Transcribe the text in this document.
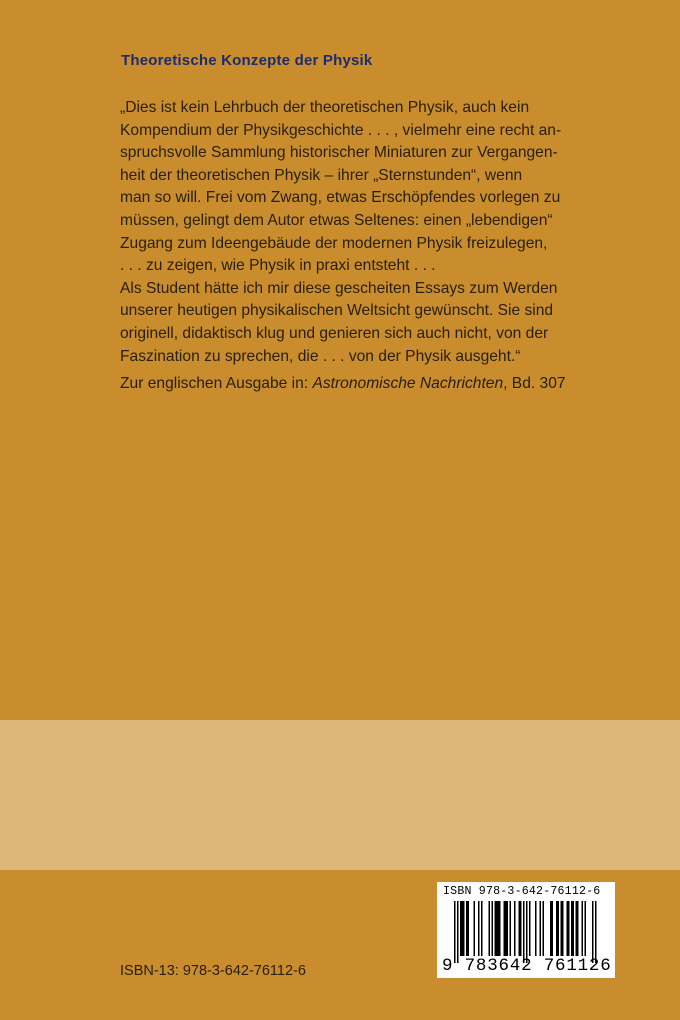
Theoretische Konzepte der Physik
„Dies ist kein Lehrbuch der theoretischen Physik, auch kein
Kompendium der Physikgeschichte . . . , vielmehr eine recht an-
spruchsvolle Sammlung historischer Miniaturen zur Vergangen-
heit der theoretischen Physik – ihrer „Sternstunden“, wenn
man so will. Frei vom Zwang, etwas Erschöpfendes vorlegen zu
müssen, gelingt dem Autor etwas Seltenes: einen „lebendigen“
Zugang zum Ideengebäude der modernen Physik freizulegen,
. . . zu zeigen, wie Physik in praxi entsteht . . .
Als Student hätte ich mir diese gescheiten Essays zum Werden
unserer heutigen physikalischen Weltsicht gewünscht. Sie sind
originell, didaktisch klug und genieren sich auch nicht, von der
Faszination zu sprechen, die . . . von der Physik ausgeht.“
Zur englischen Ausgabe in: Astronomische Nachrichten, Bd. 307
ISBN-13: 978-3-642-76112-6
ISBN 978-3-642-76112-6
9 783642 761126
